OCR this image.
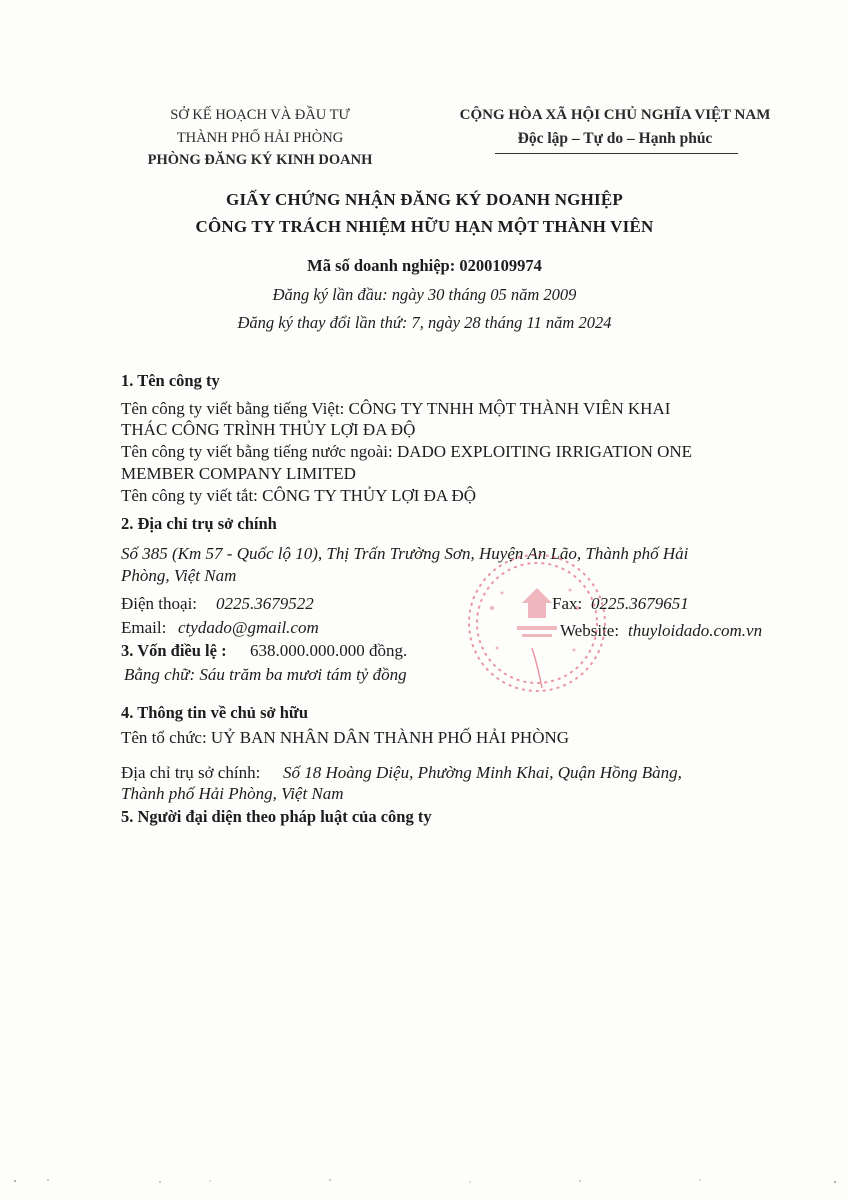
SỞ KẾ HOẠCH VÀ ĐẦU TƯ
THÀNH PHỐ HẢI PHÒNG
PHÒNG ĐĂNG KÝ KINH DOANH
CỘNG HÒA XÃ HỘI CHỦ NGHĨA VIỆT NAM
Độc lập – Tự do – Hạnh phúc
GIẤY CHỨNG NHẬN ĐĂNG KÝ DOANH NGHIỆP
CÔNG TY TRÁCH NHIỆM HỮU HẠN MỘT THÀNH VIÊN
Mã số doanh nghiệp: 0200109974
Đăng ký lần đầu: ngày 30 tháng 05 năm 2009
Đăng ký thay đổi lần thứ: 7, ngày 28 tháng 11 năm 2024
1. Tên công ty
Tên công ty viết bằng tiếng Việt: CÔNG TY TNHH MỘT THÀNH VIÊN KHAI
THÁC CÔNG TRÌNH THỦY LỢI ĐA ĐỘ
Tên công ty viết bằng tiếng nước ngoài: DADO EXPLOITING IRRIGATION ONE
MEMBER COMPANY LIMITED
Tên công ty viết tắt: CÔNG TY THỦY LỢI ĐA ĐỘ
2. Địa chỉ trụ sở chính
Số 385 (Km 57 - Quốc lộ 10), Thị Trấn Trường Sơn, Huyện An Lão, Thành phố Hải
Phòng, Việt Nam
Điện thoại: 0225.3679522	Fax: 0225.3679651
Email: ctydado@gmail.com	Website: thuyloidado.com.vn
3. Vốn điều lệ : 638.000.000.000 đồng.
Bằng chữ: Sáu trăm ba mươi tám tỷ đồng
4. Thông tin về chủ sở hữu
Tên tổ chức: UỶ BAN NHÂN DÂN THÀNH PHỐ HẢI PHÒNG
Địa chỉ trụ sở chính: Số 18 Hoàng Diệu, Phường Minh Khai, Quận Hồng Bàng,
Thành phố Hải Phòng, Việt Nam
5. Người đại diện theo pháp luật của công ty
